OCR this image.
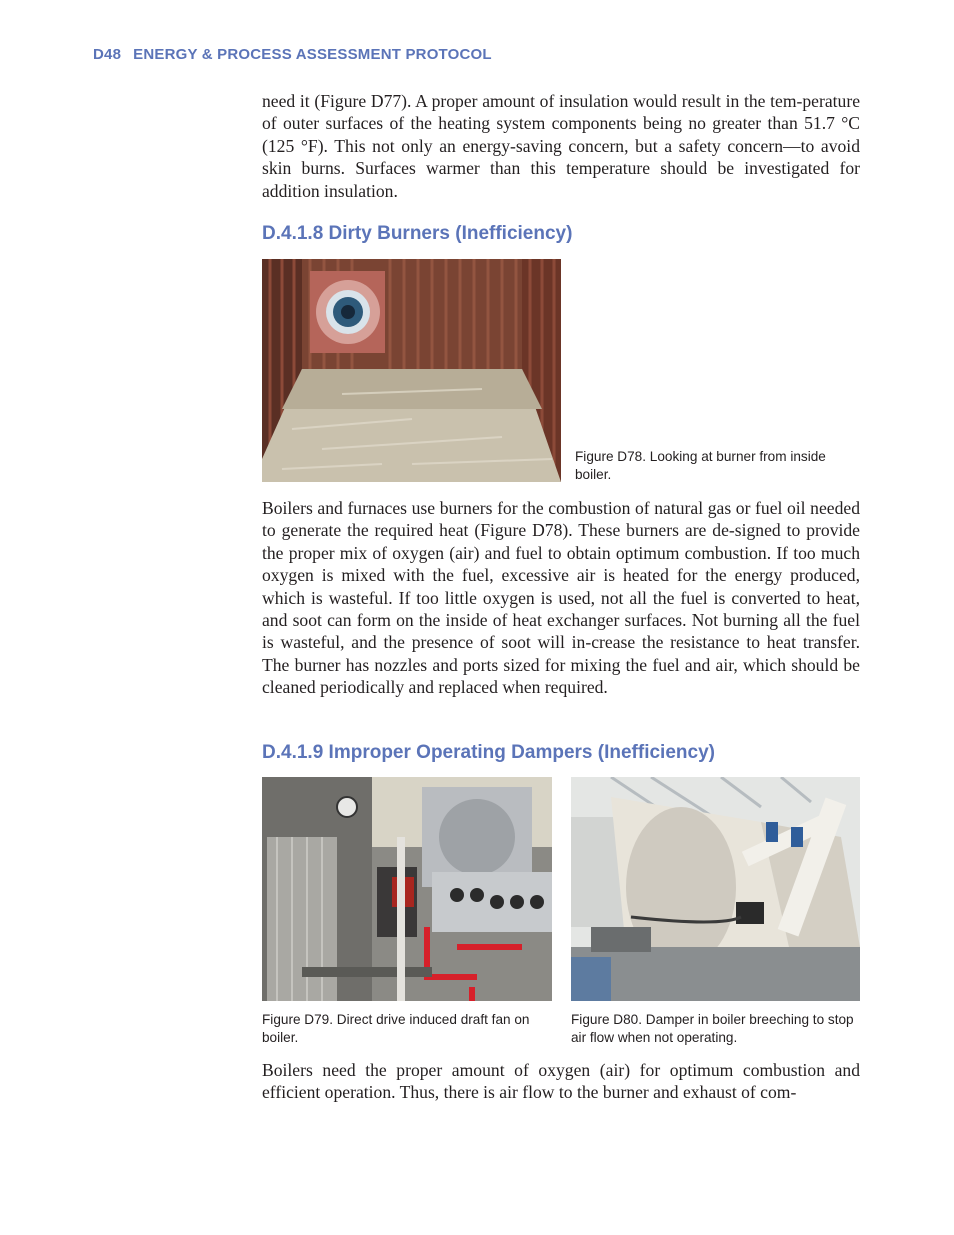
D48 ENERGY & PROCESS ASSESSMENT PROTOCOL

need it (Figure D77). A proper amount of insulation would result in the tem-perature of outer surfaces of the heating system components being no greater than 51.7 °C (125 °F). This not only an energy-saving concern, but a safety concern—to avoid skin burns. Surfaces warmer than this temperature should be investigated for addition insulation.

D.4.1.8 Dirty Burners (Inefficiency)
Figure D78. Looking at burner from inside boiler.

Boilers and furnaces use burners for the combustion of natural gas or fuel oil needed to generate the required heat (Figure D78). These burners are de-signed to provide the proper mix of oxygen (air) and fuel to obtain optimum combustion. If too much oxygen is mixed with the fuel, excessive air is heated for the energy produced, which is wasteful. If too little oxygen is used, not all the fuel is converted to heat, and soot can form on the inside of heat exchanger surfaces. Not burning all the fuel is wasteful, and the presence of soot will in-crease the resistance to heat transfer. The burner has nozzles and ports sized for mixing the fuel and air, which should be cleaned periodically and replaced when required.

D.4.1.9 Improper Operating Dampers (Inefficiency)
Figure D79. Direct drive induced draft fan on boiler.
Figure D80. Damper in boiler breeching to stop air flow when not operating.

Boilers need the proper amount of oxygen (air) for optimum combustion and efficient operation. Thus, there is air flow to the burner and exhaust of com-
